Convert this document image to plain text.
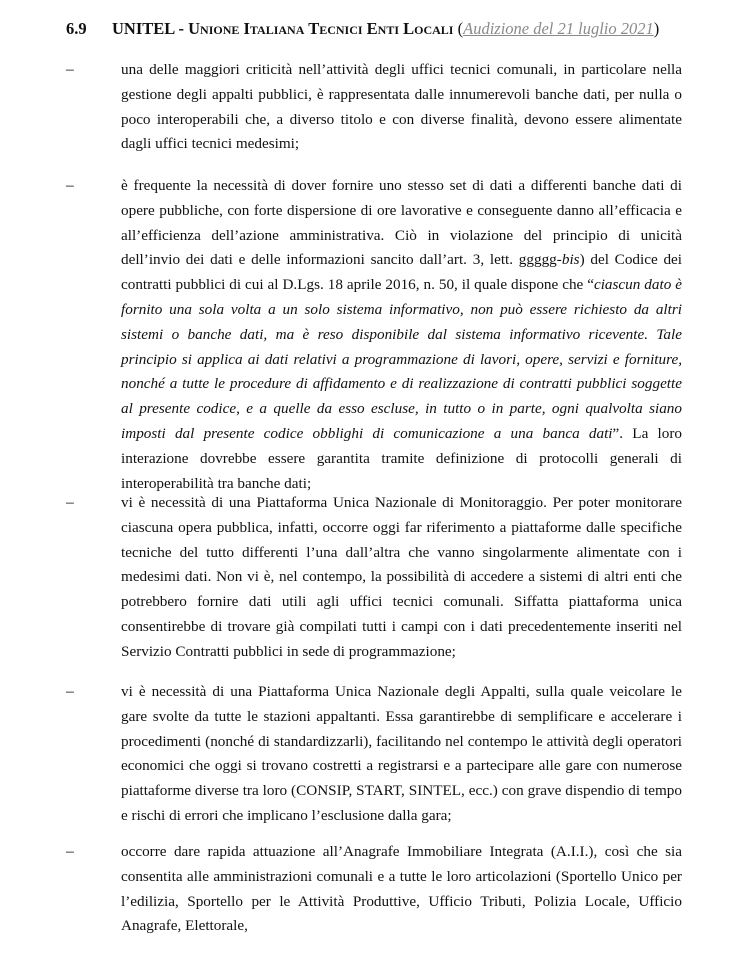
6.9 UNITEL - Unione Italiana Tecnici Enti Locali (Audizione del 21 luglio 2021)
–	una delle maggiori criticità nell’attività degli uffici tecnici comunali, in particolare nella gestione degli appalti pubblici, è rappresentata dalle innumerevoli banche dati, per nulla o poco interoperabili che, a diverso titolo e con diverse finalità, devono essere alimentate dagli uffici tecnici medesimi;
–	è frequente la necessità di dover fornire uno stesso set di dati a differenti banche dati di opere pubbliche, con forte dispersione di ore lavorative e conseguente danno all’efficacia e all’efficienza dell’azione amministrativa. Ciò in violazione del principio di unicità dell’invio dei dati e delle informazioni sancito dall’art. 3, lett. ggggg-bis) del Codice dei contratti pubblici di cui al D.Lgs. 18 aprile 2016, n. 50, il quale dispone che “ciascun dato è fornito una sola volta a un solo sistema informativo, non può essere richiesto da altri sistemi o banche dati, ma è reso disponibile dal sistema informativo ricevente. Tale principio si applica ai dati relativi a programmazione di lavori, opere, servizi e forniture, nonché a tutte le procedure di affidamento e di realizzazione di contratti pubblici soggette al presente codice, e a quelle da esso escluse, in tutto o in parte, ogni qualvolta siano imposti dal presente codice obblighi di comunicazione a una banca dati”. La loro interazione dovrebbe essere garantita tramite definizione di protocolli generali di interoperabilità tra banche dati;
–	vi è necessità di una Piattaforma Unica Nazionale di Monitoraggio. Per poter monitorare ciascuna opera pubblica, infatti, occorre oggi far riferimento a piattaforme dalle specifiche tecniche del tutto differenti l’una dall’altra che vanno singolarmente alimentate con i medesimi dati. Non vi è, nel contempo, la possibilità di accedere a sistemi di altri enti che potrebbero fornire dati utili agli uffici tecnici comunali. Siffatta piattaforma unica consentirebbe di trovare già compilati tutti i campi con i dati precedentemente inseriti nel Servizio Contratti pubblici in sede di programmazione;
–	vi è necessità di una Piattaforma Unica Nazionale degli Appalti, sulla quale veicolare le gare svolte da tutte le stazioni appaltanti. Essa garantirebbe di semplificare e accelerare i procedimenti (nonché di standardizzarli), facilitando nel contempo le attività degli operatori economici che oggi si trovano costretti a registrarsi e a partecipare alle gare con numerose piattaforme diverse tra loro (CONSIP, START, SINTEL, ecc.) con grave dispendio di tempo e rischi di errori che implicano l’esclusione dalla gara;
–	occorre dare rapida attuazione all’Anagrafe Immobiliare Integrata (A.I.I.), così che sia consentita alle amministrazioni comunali e a tutte le loro articolazioni (Sportello Unico per l’edilizia, Sportello per le Attività Produttive, Ufficio Tributi, Polizia Locale, Ufficio Anagrafe, Elettorale,
